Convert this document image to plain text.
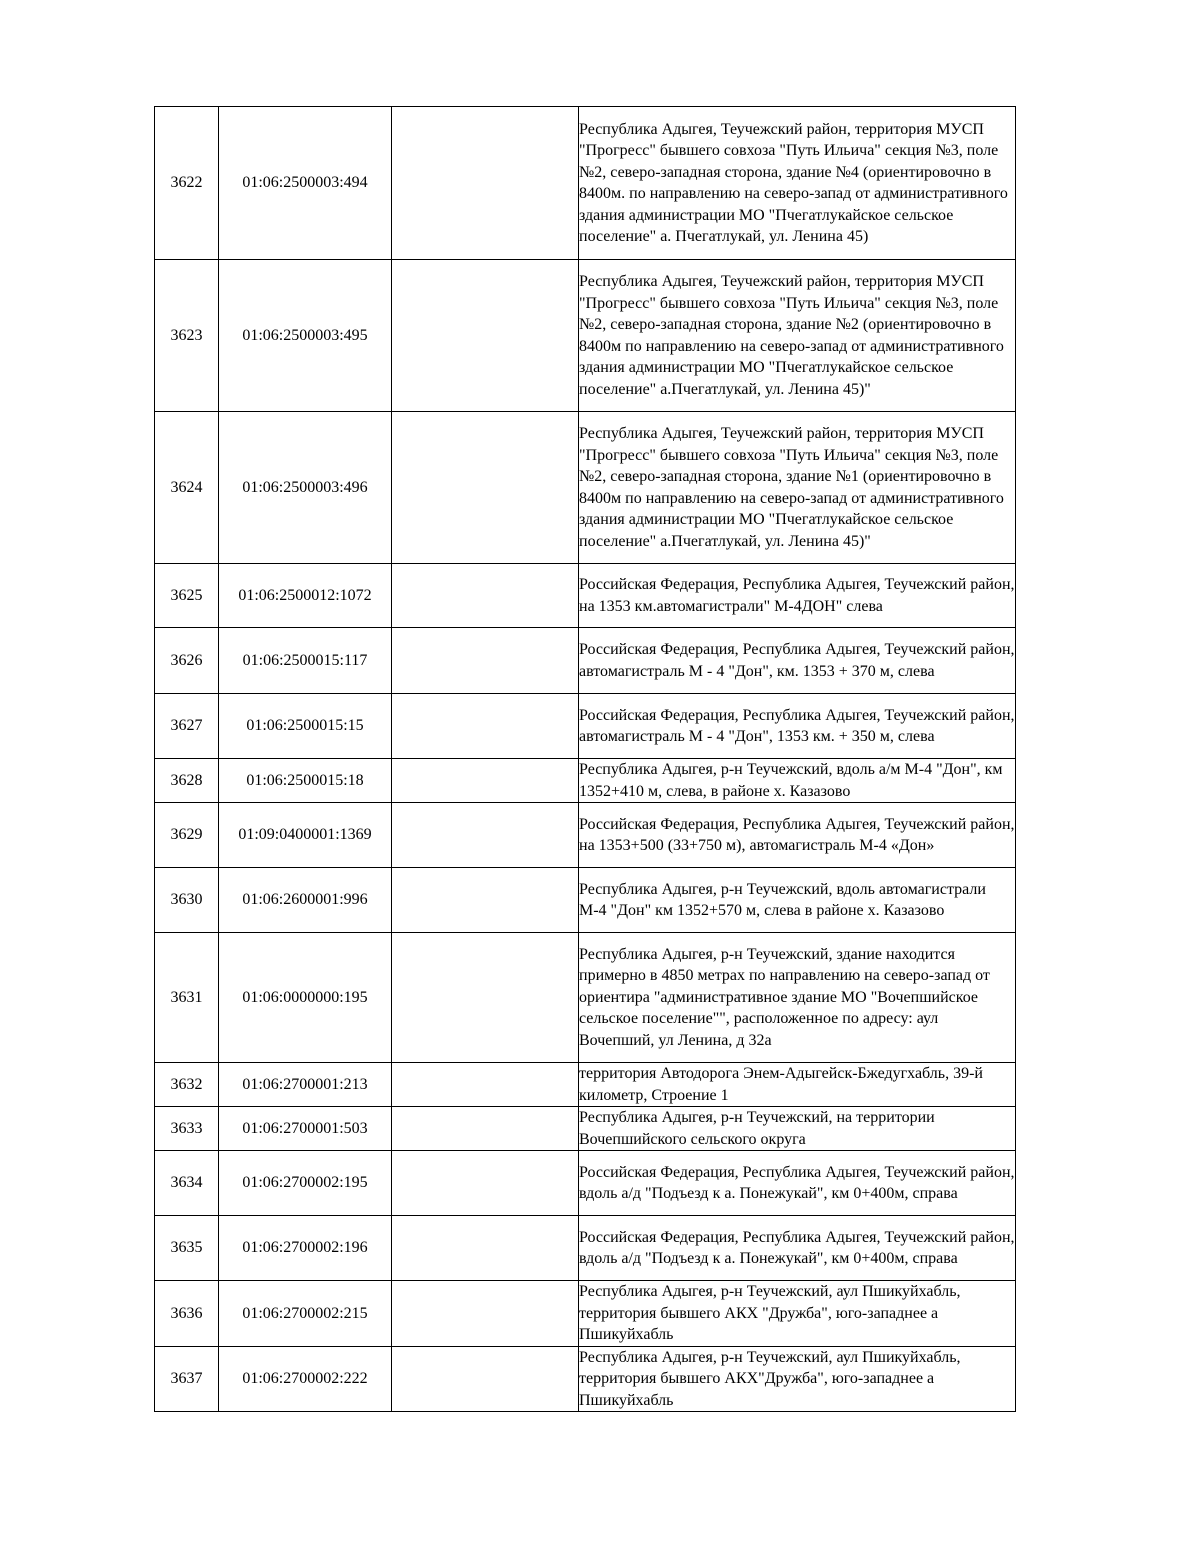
3622	01:06:2500003:494		Республика Адыгея, Теучежский район, территория МУСП "Прогресс" бывшего совхоза "Путь Ильича" секция №3, поле №2, северо-западная сторона, здание №4 (ориентировочно в 8400м. по направлению на северо-запад от административного здания администрации МО "Пчегатлукайское сельское поселение" а. Пчегатлукай, ул. Ленина 45)
3623	01:06:2500003:495		Республика Адыгея, Теучежский район, территория МУСП "Прогресс" бывшего совхоза "Путь Ильича" секция №3, поле №2, северо-западная сторона, здание №2 (ориентировочно в 8400м по направлению на северо-запад от административного здания администрации МО "Пчегатлукайское сельское поселение" а.Пчегатлукай, ул. Ленина 45)"
3624	01:06:2500003:496		Республика Адыгея, Теучежский район, территория МУСП "Прогресс" бывшего совхоза "Путь Ильича" секция №3, поле №2, северо-западная сторона, здание №1 (ориентировочно в 8400м по направлению на северо-запад от административного здания администрации МО "Пчегатлукайское сельское поселение" а.Пчегатлукай, ул. Ленина 45)"
3625	01:06:2500012:1072		Российская Федерация, Республика Адыгея, Теучежский район, на 1353 км.автомагистрали" М-4ДОН" слева
3626	01:06:2500015:117		Российская Федерация, Республика Адыгея, Теучежский район, автомагистраль М - 4 "Дон", км. 1353 + 370 м, слева
3627	01:06:2500015:15		Российская Федерация, Республика Адыгея, Теучежский район, автомагистраль М - 4 "Дон", 1353 км. + 350 м, слева
3628	01:06:2500015:18		Республика Адыгея, р-н Теучежский, вдоль а/м М-4 "Дон", км 1352+410 м, слева, в районе х. Казазово
3629	01:09:0400001:1369		Российская Федерация, Республика Адыгея, Теучежский район, на 1353+500 (33+750 м), автомагистраль М-4 «Дон»
3630	01:06:2600001:996		Республика Адыгея, р-н Теучежский, вдоль автомагистрали М-4 "Дон" км 1352+570 м, слева в районе х. Казазово
3631	01:06:0000000:195		Республика Адыгея, р-н Теучежский, здание находится примерно в 4850 метрах по направлению на северо-запад от ориентира "административное здание МО "Вочепшийское сельское поселение"", расположенное по адресу: аул Вочепший, ул Ленина, д 32а
3632	01:06:2700001:213		территория Автодорога Энем-Адыгейск-Бжедугхабль, 39-й километр, Строение 1
3633	01:06:2700001:503		Республика Адыгея, р-н Теучежский, на территории Вочепшийского сельского округа
3634	01:06:2700002:195		Российская Федерация, Республика Адыгея, Теучежский район, вдоль а/д "Подъезд к а. Понежукай", км 0+400м, справа
3635	01:06:2700002:196		Российская Федерация, Республика Адыгея, Теучежский район, вдоль а/д "Подъезд к а. Понежукай", км 0+400м, справа
3636	01:06:2700002:215		Республика Адыгея, р-н Теучежский, аул Пшикуйхабль, территория бывшего АКХ "Дружба", юго-западнее а Пшикуйхабль
3637	01:06:2700002:222		Республика Адыгея, р-н Теучежский, аул Пшикуйхабль, территория бывшего АКХ"Дружба", юго-западнее а Пшикуйхабль
